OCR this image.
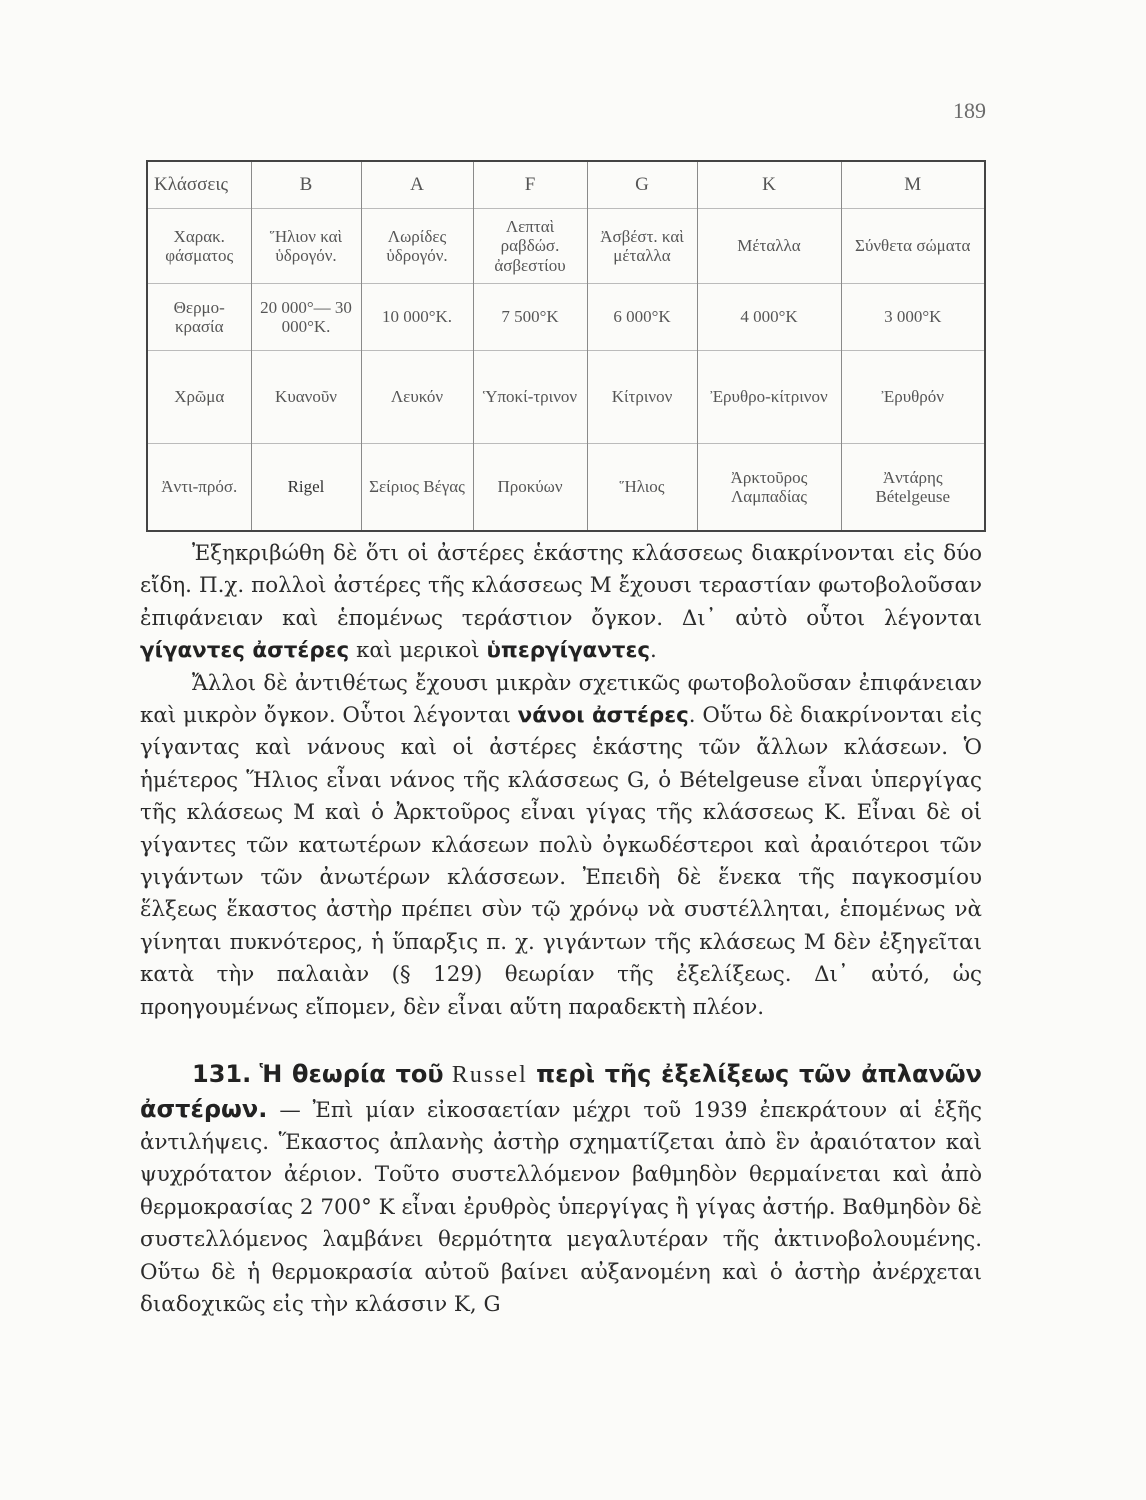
189
Κλάσσεις	B	A	F	G	K	M
Χαρακ. φάσματος	Ἥλιον καὶ ὑδρογόν.	Λωρίδες ὑδρογόν.	Λεπταὶ ραβδώσ. ἀσβεστίου	Ἀσβέστ. καὶ μέταλλα	Μέταλλα	Σύνθετα σώματα
Θερμο-κρασία	20 000°— 30 000°K.	10 000°K.	7 500°K	6 000°K	4 000°K	3 000°K
Χρῶμα	Κυανοῦν	Λευκόν	Ὑποκί-τρινον	Κίτρινον	Ἐρυθρο-κίτρινον	Ἐρυθρόν
Ἀντι-πρόσ.	Rigel	Σείριος Βέγας	Προκύων	Ἥλιος	Ἀρκτοῦρος Λαμπαδίας	Ἀντάρης Bételgeuse

Ἐξηκριβώθη δὲ ὅτι οἱ ἀστέρες ἑκάστης κλάσσεως διακρίνονται εἰς δύο εἴδη. Π.χ. πολλοὶ ἀστέρες τῆς κλάσσεως M ἔχουσι τεραστίαν φωτοβολοῦσαν ἐπιφάνειαν καὶ ἑπομένως τεράστιον ὄγκον. Δι᾽ αὐτὸ οὗτοι λέγονται γίγαντες ἀστέρες καὶ μερικοὶ ὑπεργίγαντες.

Ἄλλοι δὲ ἀντιθέτως ἔχουσι μικρὰν σχετικῶς φωτοβολοῦσαν ἐπιφάνειαν καὶ μικρὸν ὄγκον. Οὗτοι λέγονται νάνοι ἀστέρες. Οὕτω δὲ διακρίνονται εἰς γίγαντας καὶ νάνους καὶ οἱ ἀστέρες ἑκάστης τῶν ἄλλων κλάσεων. Ὁ ἡμέτερος Ἥλιος εἶναι νάνος τῆς κλάσσεως G, ὁ Bételgeuse εἶναι ὑπεργίγας τῆς κλάσεως M καὶ ὁ Ἀρκτοῦρος εἶναι γίγας τῆς κλάσσεως K. Εἶναι δὲ οἱ γίγαντες τῶν κατωτέρων κλάσεων πολὺ ὀγκωδέστεροι καὶ ἀραιότεροι τῶν γιγάντων τῶν ἀνωτέρων κλάσσεων. Ἐπειδὴ δὲ ἕνεκα τῆς παγκοσμίου ἕλξεως ἕκαστος ἀστὴρ πρέπει σὺν τῷ χρόνῳ νὰ συστέλληται, ἑπομένως νὰ γίνηται πυκνότερος, ἡ ὕπαρξις π. χ. γιγάντων τῆς κλάσεως M δὲν ἐξηγεῖται κατὰ τὴν παλαιὰν (§ 129) θεωρίαν τῆς ἐξελίξεως. Δι᾽ αὐτό, ὡς προηγουμένως εἴπομεν, δὲν εἶναι αὕτη παραδεκτὴ πλέον.

131. Ἡ θεωρία τοῦ Russel περὶ τῆς ἐξελίξεως τῶν ἀπλανῶν ἀστέρων. — Ἐπὶ μίαν εἰκοσαετίαν μέχρι τοῦ 1939 ἐπεκράτουν αἱ ἑξῆς ἀντιλήψεις. Ἕκαστος ἀπλανὴς ἀστὴρ σχηματίζεται ἀπὸ ἓν ἀραιότατον καὶ ψυχρότατον ἀέριον. Τοῦτο συστελλόμενον βαθμηδὸν θερμαίνεται καὶ ἀπὸ θερμοκρασίας 2 700° K εἶναι ἐρυθρὸς ὑπεργίγας ἢ γίγας ἀστήρ. Βαθμηδὸν δὲ συστελλόμενος λαμβάνει θερμότητα μεγαλυτέραν τῆς ἀκτινοβολουμένης. Οὕτω δὲ ἡ θερμοκρασία αὐτοῦ βαίνει αὐξανομένη καὶ ὁ ἀστὴρ ἀνέρχεται διαδοχικῶς εἰς τὴν κλάσσιν K, G
